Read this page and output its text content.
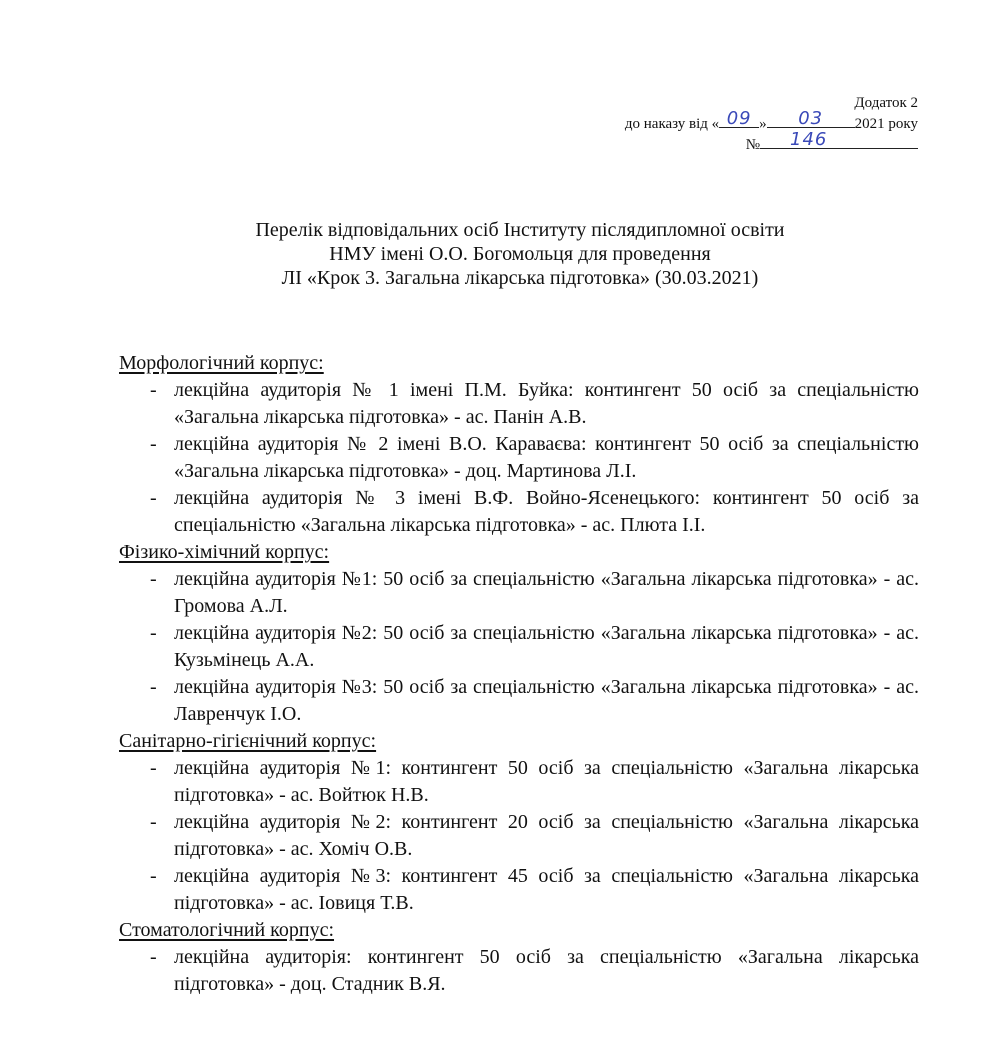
Додаток 2
до наказу від « 09 »	03	2021 року
№	146
Перелік відповідальних осіб Інституту післядипломної освіти
НМУ імені О.О. Богомольця для проведення
ЛІ «Крок 3. Загальна лікарська підготовка» (30.03.2021)
Морфологічний корпус:
- лекційна аудиторія № 1 імені П.М. Буйка: контингент 50 осіб за спеціальністю «Загальна лікарська підготовка» - ас. Панін А.В.
- лекційна аудиторія № 2 імені В.О. Караваєва: контингент 50 осіб за спеціальністю «Загальна лікарська підготовка» - доц. Мартинова Л.І.
- лекційна аудиторія № 3 імені В.Ф. Войно-Ясенецького: контингент 50 осіб за спеціальністю «Загальна лікарська підготовка» - ас. Плюта І.І.
Фізико-хімічний корпус:
- лекційна аудиторія №1: 50 осіб за спеціальністю «Загальна лікарська підготовка» - ас. Громова А.Л.
- лекційна аудиторія №2: 50 осіб за спеціальністю «Загальна лікарська підготовка» - ас. Кузьмінець А.А.
- лекційна аудиторія №3: 50 осіб за спеціальністю «Загальна лікарська підготовка» - ас. Лавренчук І.О.
Санітарно-гігієнічний корпус:
- лекційна аудиторія №1: контингент 50 осіб за спеціальністю «Загальна лікарська підготовка» - ас. Войтюк Н.В.
- лекційна аудиторія №2: контингент 20 осіб за спеціальністю «Загальна лікарська підготовка» - ас. Хоміч О.В.
- лекційна аудиторія №3: контингент 45 осіб за спеціальністю «Загальна лікарська підготовка» - ас. Іовиця Т.В.
Стоматологічний корпус:
- лекційна аудиторія: контингент 50 осіб за спеціальністю «Загальна лікарська підготовка» - доц. Стадник В.Я.
